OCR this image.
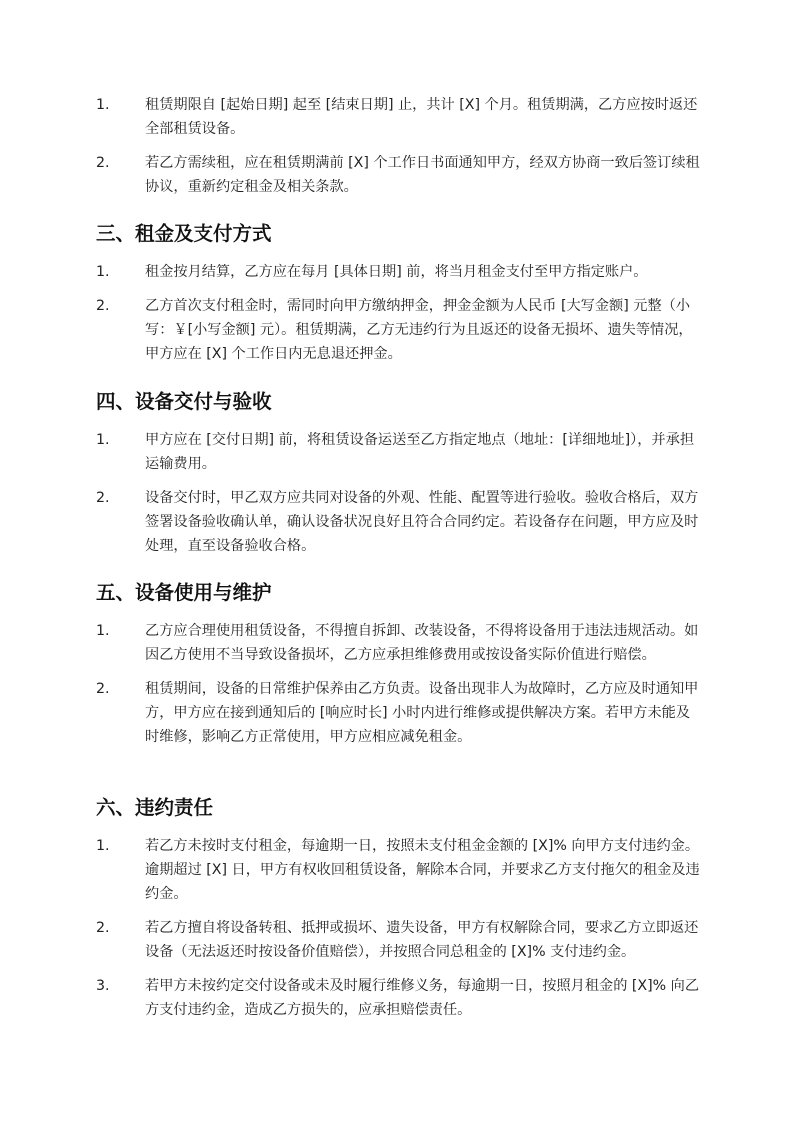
1. 租赁期限自 [起始日期] 起至 [结束日期] 止，共计 [X] 个月。租赁期满，乙方应按时返还全部租赁设备。
2. 若乙方需续租，应在租赁期满前 [X] 个工作日书面通知甲方，经双方协商一致后签订续租协议，重新约定租金及相关条款。
三、租金及支付方式
1. 租金按月结算，乙方应在每月 [具体日期] 前，将当月租金支付至甲方指定账户。
2. 乙方首次支付租金时，需同时向甲方缴纳押金，押金金额为人民币 [大写金额] 元整（小写：￥[小写金额] 元）。租赁期满，乙方无违约行为且返还的设备无损坏、遗失等情况，甲方应在 [X] 个工作日内无息退还押金。
四、设备交付与验收
1. 甲方应在 [交付日期] 前，将租赁设备运送至乙方指定地点（地址：[详细地址]），并承担运输费用。
2. 设备交付时，甲乙双方应共同对设备的外观、性能、配置等进行验收。验收合格后，双方签署设备验收确认单，确认设备状况良好且符合合同约定。若设备存在问题，甲方应及时处理，直至设备验收合格。
五、设备使用与维护
1. 乙方应合理使用租赁设备，不得擅自拆卸、改装设备，不得将设备用于违法违规活动。如因乙方使用不当导致设备损坏，乙方应承担维修费用或按设备实际价值进行赔偿。
2. 租赁期间，设备的日常维护保养由乙方负责。设备出现非人为故障时，乙方应及时通知甲方，甲方应在接到通知后的 [响应时长] 小时内进行维修或提供解决方案。若甲方未能及时维修，影响乙方正常使用，甲方应相应减免租金。
六、违约责任
1. 若乙方未按时支付租金，每逾期一日，按照未支付租金金额的 [X]% 向甲方支付违约金。逾期超过 [X] 日，甲方有权收回租赁设备，解除本合同，并要求乙方支付拖欠的租金及违约金。
2. 若乙方擅自将设备转租、抵押或损坏、遗失设备，甲方有权解除合同，要求乙方立即返还设备（无法返还时按设备价值赔偿），并按照合同总租金的 [X]% 支付违约金。
3. 若甲方未按约定交付设备或未及时履行维修义务，每逾期一日，按照月租金的 [X]% 向乙方支付违约金，造成乙方损失的，应承担赔偿责任。
